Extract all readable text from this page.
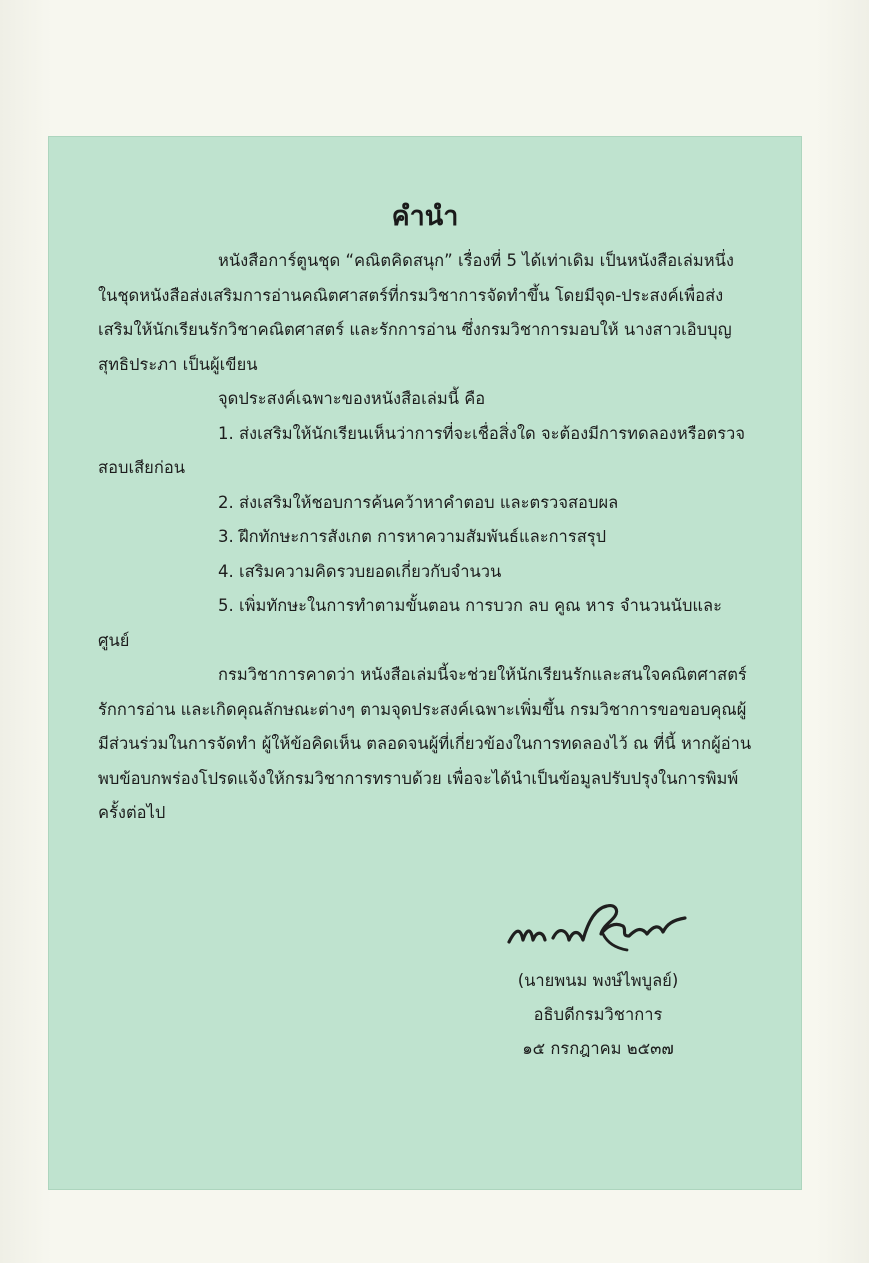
คำนำ

หนังสือการ์ตูนชุด “คณิตคิดสนุก” เรื่องที่ 5 ได้เท่าเดิม เป็นหนังสือเล่มหนึ่งในชุดหนังสือส่งเสริมการอ่านคณิตศาสตร์ที่กรมวิชาการจัดทำขึ้น โดยมีจุด-ประสงค์เพื่อส่งเสริมให้นักเรียนรักวิชาคณิตศาสตร์ และรักการอ่าน ซึ่งกรมวิชาการมอบให้ นางสาวเอิบบุญ สุทธิประภา เป็นผู้เขียน

จุดประสงค์เฉพาะของหนังสือเล่มนี้ คือ

1. ส่งเสริมให้นักเรียนเห็นว่าการที่จะเชื่อสิ่งใด จะต้องมีการทดลองหรือตรวจสอบเสียก่อน

2. ส่งเสริมให้ชอบการค้นคว้าหาคำตอบ และตรวจสอบผล

3. ฝึกทักษะการสังเกต การหาความสัมพันธ์และการสรุป

4. เสริมความคิดรวบยอดเกี่ยวกับจำนวน

5. เพิ่มทักษะในการทำตามขั้นตอน การบวก ลบ คูณ หาร จำนวนนับและศูนย์

กรมวิชาการคาดว่า หนังสือเล่มนี้จะช่วยให้นักเรียนรักและสนใจคณิตศาสตร์ รักการอ่าน และเกิดคุณลักษณะต่างๆ ตามจุดประสงค์เฉพาะเพิ่มขึ้น กรมวิชาการขอขอบคุณผู้มีส่วนร่วมในการจัดทำ ผู้ให้ข้อคิดเห็น ตลอดจนผู้ที่เกี่ยวข้องในการทดลองไว้ ณ ที่นี้ หากผู้อ่านพบข้อบกพร่องโปรดแจ้งให้กรมวิชาการทราบด้วย เพื่อจะได้นำเป็นข้อมูลปรับปรุงในการพิมพ์ครั้งต่อไป

(นายพนม พงษ์ไพบูลย์)
อธิบดีกรมวิชาการ
๑๕ กรกฎาคม ๒๕๓๗
